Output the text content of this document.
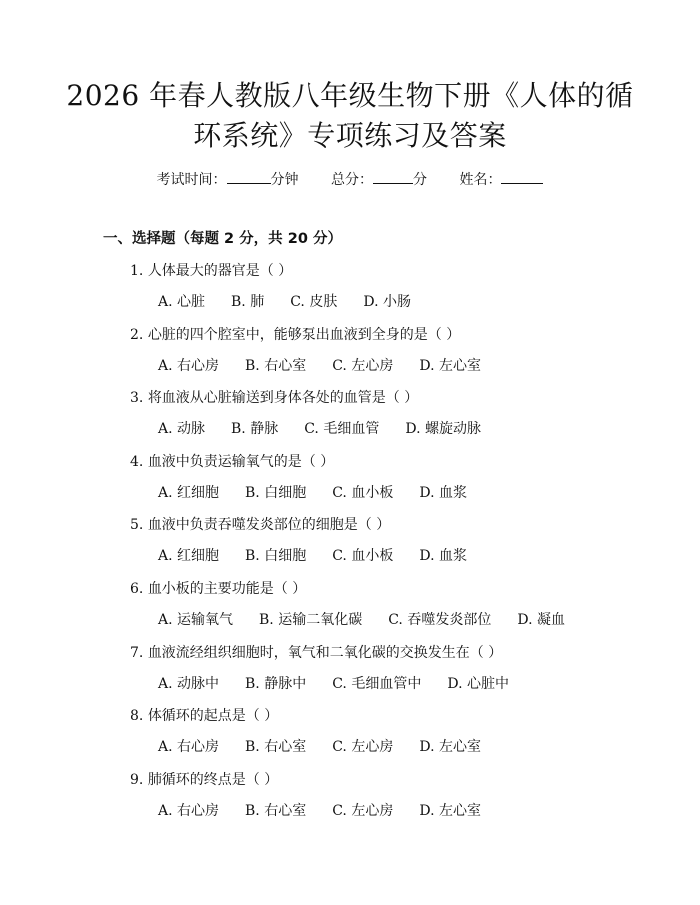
2026 年春人教版八年级生物下册《人体的循
环系统》专项练习及答案
考试时间：	分钟 总分：	分 姓名：
一、选择题（每题 2 分，共 20 分）
1. 人体最大的器官是（ ）
A. 心脏 B. 肺 C. 皮肤 D. 小肠
2. 心脏的四个腔室中，能够泵出血液到全身的是（ ）
A. 右心房 B. 右心室 C. 左心房 D. 左心室
3. 将血液从心脏输送到身体各处的血管是（ ）
A. 动脉 B. 静脉 C. 毛细血管 D. 螺旋动脉
4. 血液中负责运输氧气的是（ ）
A. 红细胞 B. 白细胞 C. 血小板 D. 血浆
5. 血液中负责吞噬发炎部位的细胞是（ ）
A. 红细胞 B. 白细胞 C. 血小板 D. 血浆
6. 血小板的主要功能是（ ）
A. 运输氧气 B. 运输二氧化碳 C. 吞噬发炎部位 D. 凝血
7. 血液流经组织细胞时，氧气和二氧化碳的交换发生在（ ）
A. 动脉中 B. 静脉中 C. 毛细血管中 D. 心脏中
8. 体循环的起点是（ ）
A. 右心房 B. 右心室 C. 左心房 D. 左心室
9. 肺循环的终点是（ ）
A. 右心房 B. 右心室 C. 左心房 D. 左心室
